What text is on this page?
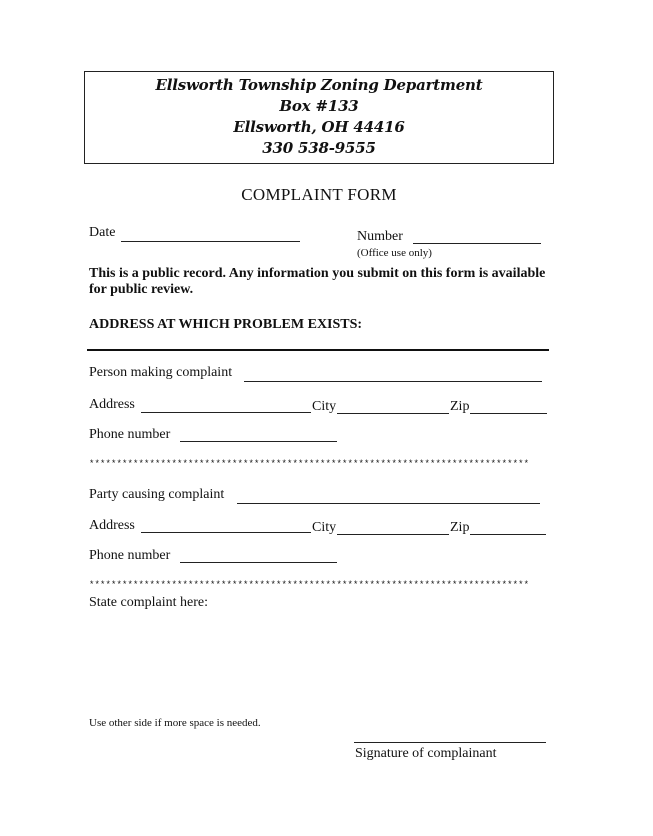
Ellsworth Township Zoning Department
Box #133
Ellsworth, OH 44416
330 538-9555
COMPLAINT FORM
Date	Number
(Office use only)
This is a public record. Any information you submit on this form is available for public review.
ADDRESS AT WHICH PROBLEM EXISTS:
Person making complaint
Address	City	Zip
Phone number
********************************************************************************
Party causing complaint
Address	City	Zip
Phone number
********************************************************************************
State complaint here:
Use other side if more space is needed.
Signature of complainant
